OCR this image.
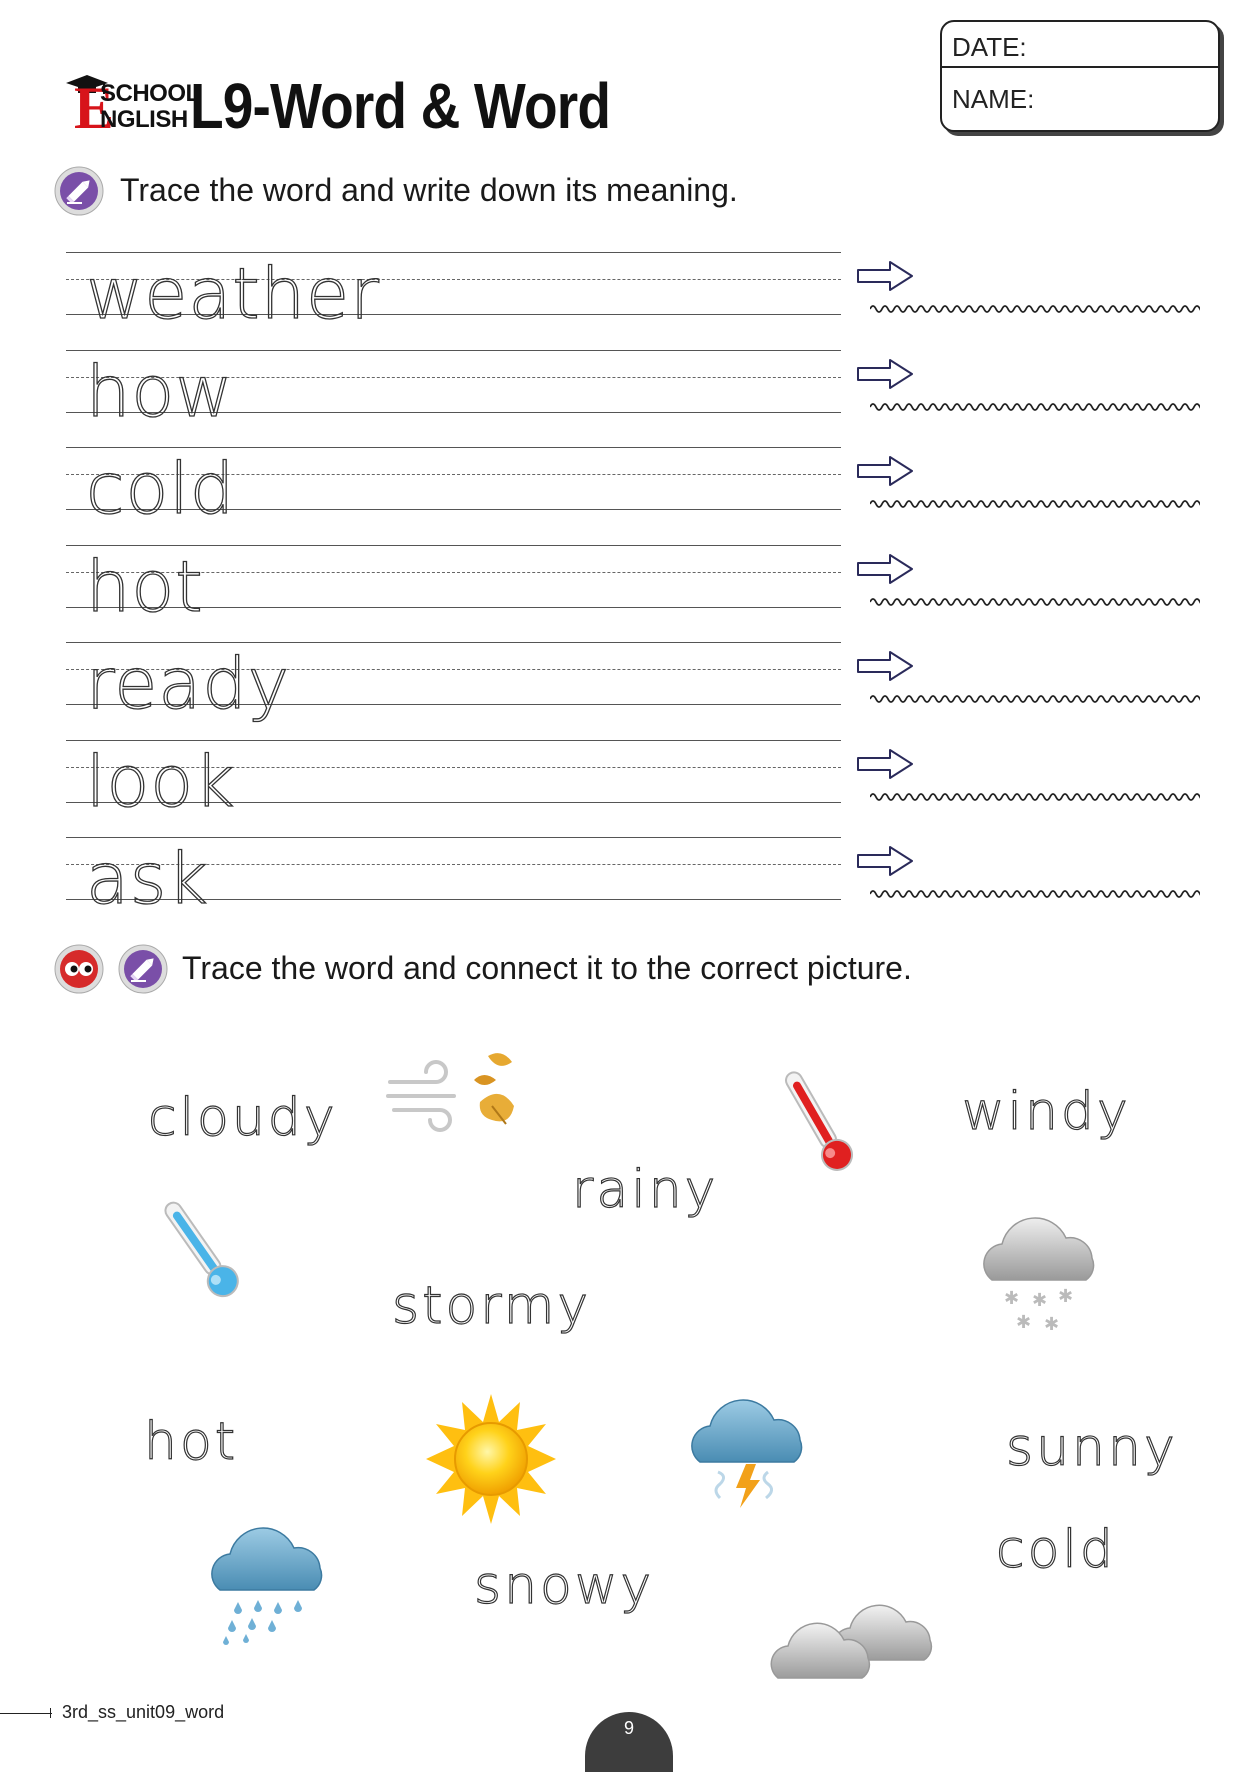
E
SCHOOL
NGLISH L9-Word & Word
DATE:
NAME:
Trace the word and write down its meaning.
weather
how
cold
hot
ready
look
ask
Trace the word and connect it to the correct picture.
cloudy	windy
rainy
stormy
hot	sunny
cold
snowy
✱ ✱ ✱
✱ ✱
3rd_ss_unit09_word
9
